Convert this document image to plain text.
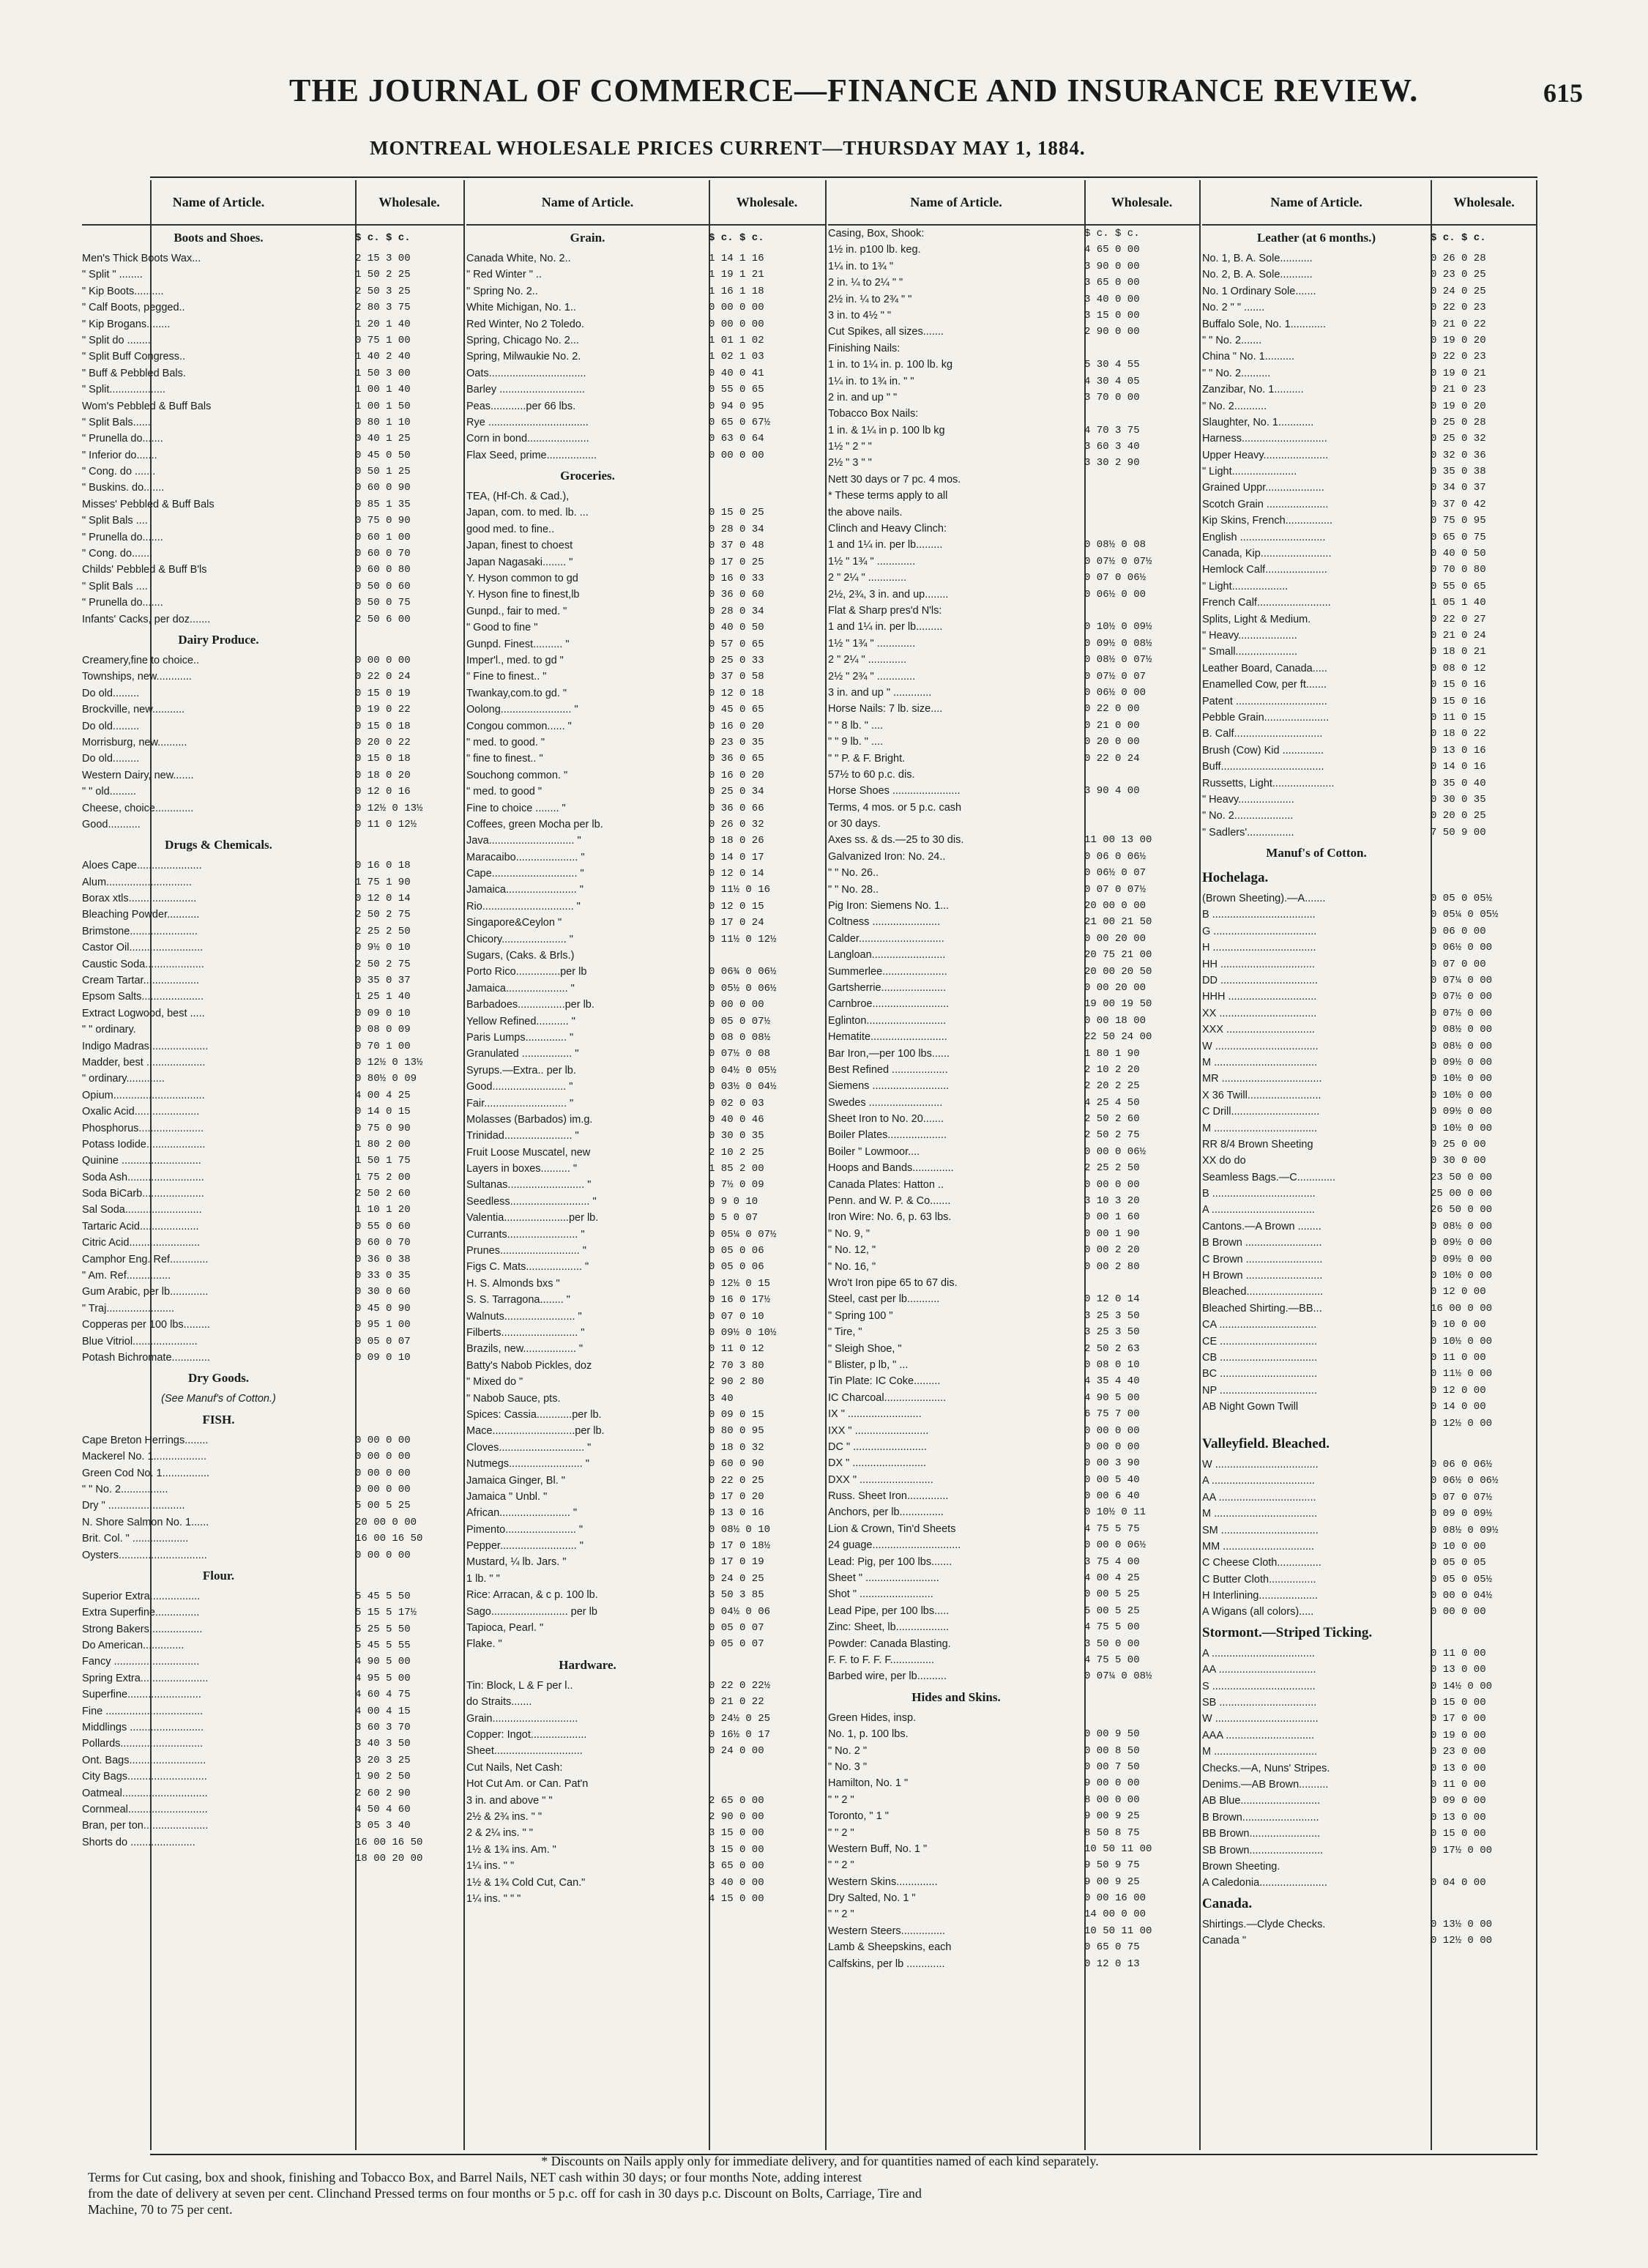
THE JOURNAL OF COMMERCE—FINANCE AND INSURANCE REVIEW.	615
MONTREAL WHOLESALE PRICES CURRENT—THURSDAY MAY 1, 1884.
Name of Article.	Wholesale.
Boots and Shoes.	$ c. $ c.
Men's Thick Boots Wax...	2 15 3 00
" Split " ........	1 50 2 25
" Kip Boots..........	2 50 3 25
" Calf Boots, pegged..	2 80 3 75
" Kip Brogans........	1 20 1 40
" Split do ........	0 75 1 00
" Split Buff Congress..	1 40 2 40
" Buff & Pebbled Bals.	1 50 3 00
" Split...................	1 00 1 40
Wom's Pebbled & Buff Bals	1 00 1 50
" Split Bals......	0 80 1 10
" Prunella do.......	0 40 1 25
" Inferior do.......	0 45 0 50
" Cong. do .......	0 50 1 25
" Buskins. do.......	0 60 0 90
Misses' Pebbled & Buff Bals	0 85 1 35
" Split Bals ....	0 75 0 90
" Prunella do.......	0 60 1 00
" Cong. do.......	0 60 0 70
Childs' Pebbled & Buff B'ls	0 60 0 80
" Split Bals ....	0 50 0 60
" Prunella do.......	0 50 0 75
Infants' Cacks, per doz.......	2 50 6 00
Dairy Produce.
Creamery,fine to choice..	0 00 0 00
Townships, new............	0 22 0 24
Do old.........	0 15 0 19
Brockville, new...........	0 19 0 22
Do old.........	0 15 0 18
Morrisburg, new..........	0 20 0 22
Do old.........	0 15 0 18
Western Dairy, new.......	0 18 0 20
" " old.........	0 12 0 16
Cheese, choice.............	0 12½ 0 13½
Good...........	0 11 0 12½
Drugs & Chemicals.
Aloes Cape......................	0 16 0 18
Alum.............................	1 75 1 90
Borax xtls.......................	0 12 0 14
Bleaching Powder...........	2 50 2 75
Brimstone.......................	2 25 2 50
Castor Oil.........................	0 9½ 0 10
Caustic Soda....................	2 50 2 75
Cream Tartar...................	0 35 0 37
Epsom Salts.....................	1 25 1 40
Extract Logwood, best .....	0 09 0 10
" " ordinary.	0 08 0 09
Indigo Madras....................	0 70 1 00
Madder, best ....................	0 12½ 0 13½
" ordinary.............	0 80½ 0 09
Opium...............................	4 00 4 25
Oxalic Acid......................	0 14 0 15
Phosphorus......................	0 75 0 90
Potass Iodide....................	1 80 2 00
Quinine ...........................	1 50 1 75
Soda Ash..........................	1 75 2 00
Soda BiCarb.....................	2 50 2 60
Sal Soda..........................	1 10 1 20
Tartaric Acid....................	0 55 0 60
Citric Acid........................	0 60 0 70
Camphor Eng. Ref.............	0 36 0 38
" Am. Ref...............	0 33 0 35
Gum Arabic, per lb.............	0 30 0 60
" Traj.......................	0 45 0 90
Copperas per 100 lbs.........	0 95 1 00
Blue Vitriol......................	0 05 0 07
Potash Bichromate.............	0 09 0 10
Dry Goods.
(See Manuf's of Cotton.)
FISH.
Cape Breton Herrings........	0 00 0 00
Mackerel No. 1..................	0 00 0 00
Green Cod No. 1................	0 00 0 00
" " No. 2................	0 00 0 00
Dry " ..........................	5 00 5 25
N. Shore Salmon No. 1......	20 00 0 00
Brit. Col. " ...................	16 00 16 50
Oysters..............................	0 00 0 00
Flour.
Superior Extra.................	5 45 5 50
Extra Superfine...............	5 15 5 17½
Strong Bakers..................	5 25 5 50
Do American..............	5 45 5 55
Fancy .............................	4 90 5 00
Spring Extra.......................	4 95 5 00
Superfine.........................	4 60 4 75
Fine .................................	4 00 4 15
Middlings .........................	3 60 3 70
Pollards............................	3 40 3 50
Ont. Bags..........................	3 20 3 25
City Bags...........................	1 90 2 50
Oatmeal.............................	2 60 2 90
Cornmeal...........................	4 50 4 60
Bran, per ton......................	3 05 3 40
Shorts do ......................	16 00 16 50
18 00 20 00
Name of Article.	Wholesale.
Grain.	$ c. $ c.
Canada White, No. 2..	1 14 1 16
" Red Winter " ..	1 19 1 21
" Spring No. 2..	1 16 1 18
White Michigan, No. 1..	0 00 0 00
Red Winter, No 2 Toledo.	0 00 0 00
Spring, Chicago No. 2...	1 01 1 02
Spring, Milwaukie No. 2.	1 02 1 03
Oats.................................	0 40 0 41
Barley .............................	0 55 0 65
Peas............per 66 lbs.	0 94 0 95
Rye ..................................	0 65 0 67½
Corn in bond.....................	0 63 0 64
Flax Seed, prime.................	0 00 0 00
Groceries.
TEA, (Hf-Ch. & Cad.),
Japan, com. to med. lb. ...	0 15 0 25
good med. to fine..	0 28 0 34
Japan, finest to choest	0 37 0 48
Japan Nagasaki........ "	0 17 0 25
Y. Hyson common to gd	0 16 0 33
Y. Hyson fine to finest,lb	0 36 0 60
Gunpd., fair to med. "	0 28 0 34
" Good to fine "	0 40 0 50
Gunpd. Finest.......... "	0 57 0 65
Imper'l., med. to gd "	0 25 0 33
" Fine to finest.. "	0 37 0 58
Twankay,com.to gd. "	0 12 0 18
Oolong........................ "	0 45 0 65
Congou common...... "	0 16 0 20
" med. to good. "	0 23 0 35
" fine to finest.. "	0 36 0 65
Souchong common. "	0 16 0 20
" med. to good "	0 25 0 34
Fine to choice ........ "	0 36 0 66
Coffees, green Mocha per lb.	0 26 0 32
Java............................. "	0 18 0 26
Maracaibo..................... "	0 14 0 17
Cape............................. "	0 12 0 14
Jamaica........................ "	0 11½ 0 16
Rio............................... "	0 12 0 15
Singapore&Ceylon "	0 17 0 24
Chicory...................... "	0 11½ 0 12½
Sugars, (Caks. & Brls.)
Porto Rico...............per lb	0 06¾ 0 06½
Jamaica..................... "	0 05½ 0 06½
Barbadoes................per lb.	0 00 0 00
Yellow Refined........... "	0 05 0 07½
Paris Lumps.............. "	0 08 0 08½
Granulated ................. "	0 07½ 0 08
Syrups.—Extra.. per lb.	0 04½ 0 05½
Good......................... "	0 03½ 0 04½
Fair............................ "	0 02 0 03
Molasses (Barbados) im.g.	0 40 0 46
Trinidad....................... "	0 30 0 35
Fruit Loose Muscatel, new	2 10 2 25
Layers in boxes.......... "	1 85 2 00
Sultanas.......................... "	0 7½ 0 09
Seedless........................... "	0 9 0 10
Valentia......................per lb.	0 5 0 07
Currants........................ "	0 05¼ 0 07½
Prunes........................... "	0 05 0 06
Figs C. Mats................... "	0 05 0 06
H. S. Almonds bxs "	0 12½ 0 15
S. S. Tarragona........ "	0 16 0 17½
Walnuts........................ "	0 07 0 10
Filberts.......................... "	0 09½ 0 10½
Brazils, new.................. "	0 11 0 12
Batty's Nabob Pickles, doz	2 70 3 80
" Mixed do "	2 90 2 80
" Nabob Sauce, pts.	3 40
Spices: Cassia............per lb.	0 09 0 15
Mace............................per lb.	0 80 0 95
Cloves............................. "	0 18 0 32
Nutmegs......................... "	0 60 0 90
Jamaica Ginger, Bl. "	0 22 0 25
Jamaica " Unbl. "	0 17 0 20
African........................ "	0 13 0 16
Pimento........................ "	0 08½ 0 10
Pepper.......................... "	0 17 0 18½
Mustard, ¼ lb. Jars. "	0 17 0 19
1 lb. " "	0 24 0 25
Rice: Arracan, & c p. 100 lb.	3 50 3 85
Sago.......................... per lb	0 04½ 0 06
Tapioca, Pearl. "	0 05 0 07
Flake. "	0 05 0 07
Hardware.
Tin: Block, L & F per l..	0 22 0 22½
do Straits.......	0 21 0 22
Grain.............................	0 24½ 0 25
Copper: Ingot...................	0 16½ 0 17
Sheet..............................	0 24 0 00
Cut Nails, Net Cash:
Hot Cut Am. or Can. Pat'n
3 in. and above " "	2 65 0 00
2½ & 2¾ ins. " "	2 90 0 00
2 & 2¼ ins. " "	3 15 0 00
1½ & 1¾ ins. Am. "	3 15 0 00
1¼ ins. " "	3 65 0 00
1½ & 1¾ Cold Cut, Can."	3 40 0 00
1¼ ins. " " "	4 15 0 00
Name of Article.	Wholesale.
Casing, Box, Shook:	$ c. $ c.
1½ in. p100 lb. keg.	4 65 0 00
1¼ in. to 1¾ "	3 90 0 00
2 in. ¼ to 2¼ " "	3 65 0 00
2½ in. ¼ to 2¾ " "	3 40 0 00
3 in. to 4½ " "	3 15 0 00
Cut Spikes, all sizes.......	2 90 0 00
Finishing Nails:
1 in. to 1¼ in. p. 100 lb. kg	5 30 4 55
1¼ in. to 1¾ in. " "	4 30 4 05
2 in. and up " "	3 70 0 00
Tobacco Box Nails:
1 in. & 1¼ in p. 100 lb kg	4 70 3 75
1½ " 2 " "	3 60 3 40
2½ " 3 " "	3 30 2 90
Nett 30 days or 7 pc. 4 mos.
* These terms apply to all
the above nails.
Clinch and Heavy Clinch:
1 and 1¼ in. per lb.........	0 08½ 0 08
1½ " 1¾ " .............	0 07½ 0 07½
2 " 2¼ " .............	0 07 0 06½
2½, 2¾, 3 in. and up........	0 06½ 0 00
Flat & Sharp pres'd N'ls:
1 and 1¼ in. per lb.........	0 10½ 0 09½
1½ " 1¾ " .............	0 09½ 0 08½
2 " 2¼ " .............	0 08½ 0 07½
2½ " 2¾ " .............	0 07½ 0 07
3 in. and up " .............	0 06½ 0 00
Horse Nails: 7 lb. size....	0 22 0 00
" " 8 lb. " ....	0 21 0 00
" " 9 lb. " ....	0 20 0 00
" " P. & F. Bright.	0 22 0 24
57½ to 60 p.c. dis.
Horse Shoes .......................	3 90 4 00
Terms, 4 mos. or 5 p.c. cash
or 30 days.
Axes ss. & ds.—25 to 30 dis.	11 00 13 00
Galvanized Iron: No. 24..	0 06 0 06½
" " No. 26..	0 06½ 0 07
" " No. 28..	0 07 0 07½
Pig Iron: Siemens No. 1...	20 00 0 00
Coltness .......................	21 00 21 50
Calder.............................	0 00 20 00
Langloan.........................	20 75 21 00
Summerlee......................	20 00 20 50
Gartsherrie......................	0 00 20 00
Carnbroe..........................	19 00 19 50
Eglinton...........................	0 00 18 00
Hematite..........................	22 50 24 00
Bar Iron,—per 100 lbs......	1 80 1 90
Best Refined ...................	2 10 2 20
Siemens ..........................	2 20 2 25
Swedes .........................	4 25 4 50
Sheet Iron to No. 20.......	2 50 2 60
Boiler Plates....................	2 50 2 75
Boiler " Lowmoor....	0 00 0 06½
Hoops and Bands..............	2 25 2 50
Canada Plates: Hatton ..	0 00 0 00
Penn. and W. P. & Co.......	3 10 3 20
Iron Wire: No. 6, p. 63 lbs.	0 00 1 60
" No. 9, "	0 00 1 90
" No. 12, "	0 00 2 20
" No. 16, "	0 00 2 80
Wro't Iron pipe 65 to 67 dis.
Steel, cast per lb...........	0 12 0 14
" Spring 100 "	3 25 3 50
" Tire, "	3 25 3 50
" Sleigh Shoe, "	2 50 2 63
" Blister, p lb, " ...	0 08 0 10
Tin Plate: IC Coke.........	4 35 4 40
IC Charcoal.....................	4 90 5 00
IX " .........................	6 75 7 00
IXX " .........................	0 00 0 00
DC " .........................	0 00 0 00
DX " .........................	0 00 3 90
DXX " .........................	0 00 5 40
Russ. Sheet Iron..............	0 00 6 40
Anchors, per lb...............	0 10½ 0 11
Lion & Crown, Tin'd Sheets	4 75 5 75
24 guage..............................	0 00 0 06½
Lead: Pig, per 100 lbs.......	3 75 4 00
Sheet " .........................	4 00 4 25
Shot " .........................	0 00 5 25
Lead Pipe, per 100 lbs.....	5 00 5 25
Zinc: Sheet, lb..................	4 75 5 00
Powder: Canada Blasting.	3 50 0 00
F. F. to F. F. F...............	4 75 5 00
Barbed wire, per lb..........	0 07¼ 0 08½
Hides and Skins.
Green Hides, insp.
No. 1, p. 100 lbs.	0 00 9 50
" No. 2 "	0 00 8 50
" No. 3 "	0 00 7 50
Hamilton, No. 1 "	9 00 0 00
" " 2 "	8 00 0 00
Toronto, " 1 "	9 00 9 25
" " 2 "	8 50 8 75
Western Buff, No. 1 "	10 50 11 00
" " 2 "	9 50 9 75
Western Skins..............	9 00 9 25
Dry Salted, No. 1 "	0 00 16 00
" " 2 "	14 00 0 00
Western Steers...............	10 50 11 00
Lamb & Sheepskins, each	0 65 0 75
Calfskins, per lb .............	0 12 0 13
Name of Article.	Wholesale.
Leather (at 6 months.)	$ c. $ c.
No. 1, B. A. Sole...........	0 26 0 28
No. 2, B. A. Sole...........	0 23 0 25
No. 1 Ordinary Sole.......	0 24 0 25
No. 2 " " .......	0 22 0 23
Buffalo Sole, No. 1............	0 21 0 22
" " No. 2.......	0 19 0 20
China " No. 1..........	0 22 0 23
" " No. 2..........	0 19 0 21
Zanzibar, No. 1..........	0 21 0 23
" No. 2...........	0 19 0 20
Slaughter, No. 1............	0 25 0 28
Harness.............................	0 25 0 32
Upper Heavy......................	0 32 0 36
" Light......................	0 35 0 38
Grained Uppr....................	0 34 0 37
Scotch Grain .....................	0 37 0 42
Kip Skins, French................	0 75 0 95
English .............................	0 65 0 75
Canada, Kip........................	0 40 0 50
Hemlock Calf.....................	0 70 0 80
" Light...................	0 55 0 65
French Calf.........................	1 05 1 40
Splits, Light & Medium.	0 22 0 27
" Heavy....................	0 21 0 24
" Small.....................	0 18 0 21
Leather Board, Canada.....	0 08 0 12
Enamelled Cow, per ft.......	0 15 0 16
Patent ...............................	0 15 0 16
Pebble Grain......................	0 11 0 15
B. Calf..............................	0 18 0 22
Brush (Cow) Kid ..............	0 13 0 16
Buff...................................	0 14 0 16
Russetts, Light.....................	0 35 0 40
" Heavy...................	0 30 0 35
" No. 2....................	0 20 0 25
" Sadlers'................	7 50 9 00
Manuf's of Cotton.
Hochelaga.
(Brown Sheeting).—A.......	0 05 0 05½
B ...................................	0 05¼ 0 05½
G ...................................	0 06 0 00
H ...................................	0 06½ 0 00
HH ................................	0 07 0 00
DD .................................	0 07¼ 0 00
HHH ..............................	0 07½ 0 00
XX .................................	0 07½ 0 00
XXX ..............................	0 08½ 0 00
W ...................................	0 08½ 0 00
M ...................................	0 09½ 0 00
MR ..................................	0 10½ 0 00
X 36 Twill.........................	0 10½ 0 00
C Drill..............................	0 09½ 0 00
M ...................................	0 10½ 0 00
RR 8/4 Brown Sheeting	0 25 0 00
XX do do	0 30 0 00
Seamless Bags.—C.............	23 50 0 00
B ...................................	25 00 0 00
A ...................................	26 50 0 00
Cantons.—A Brown ........	0 08½ 0 00
B Brown ..........................	0 09½ 0 00
C Brown ..........................	0 09½ 0 00
H Brown ..........................	0 10½ 0 00
Bleached..........................	0 12 0 00
Bleached Shirting.—BB...	16 00 0 00
CA .................................	0 10 0 00
CE .................................	0 10½ 0 00
CB .................................	0 11 0 00
BC .................................	0 11½ 0 00
NP .................................	0 12 0 00
AB Night Gown Twill	0 14 0 00
0 12½ 0 00
Valleyfield. Bleached.
W ...................................	0 06 0 06½
A ...................................	0 06½ 0 06½
AA .................................	0 07 0 07½
M ...................................	0 09 0 09½
SM .................................	0 08½ 0 09½
MM ...............................	0 10 0 00
C Cheese Cloth...............	0 05 0 05
C Butter Cloth................	0 05 0 05½
H Interlining....................	0 00 0 04½
A Wigans (all colors).....	0 00 0 00
Stormont.—Striped Ticking.
A ...................................	0 11 0 00
AA .................................	0 13 0 00
S ...................................	0 14½ 0 00
SB .................................	0 15 0 00
W ...................................	0 17 0 00
AAA ..............................	0 19 0 00
M ...................................	0 23 0 00
Checks.—A, Nuns' Stripes.	0 13 0 00
Denims.—AB Brown..........	0 11 0 00
AB Blue...........................	0 09 0 00
B Brown..........................	0 13 0 00
BB Brown........................	0 15 0 00
SB Brown.........................	0 17½ 0 00
Brown Sheeting.
A Caledonia.......................	0 04 0 00
Canada.
Shirtings.—Clyde Checks.	0 13½ 0 00
Canada "	0 12½ 0 00
* Discounts on Nails apply only for immediate delivery, and for quantities named of each kind separately.
Terms for Cut casing, box and shook, finishing and Tobacco Box, and Barrel Nails, NET cash within 30 days; or four months Note, adding interest
from the date of delivery at seven per cent. Clinchand Pressed terms on four months or 5 p.c. off for cash in 30 days p.c. Discount on Bolts, Carriage, Tire and
Machine, 70 to 75 per cent.
